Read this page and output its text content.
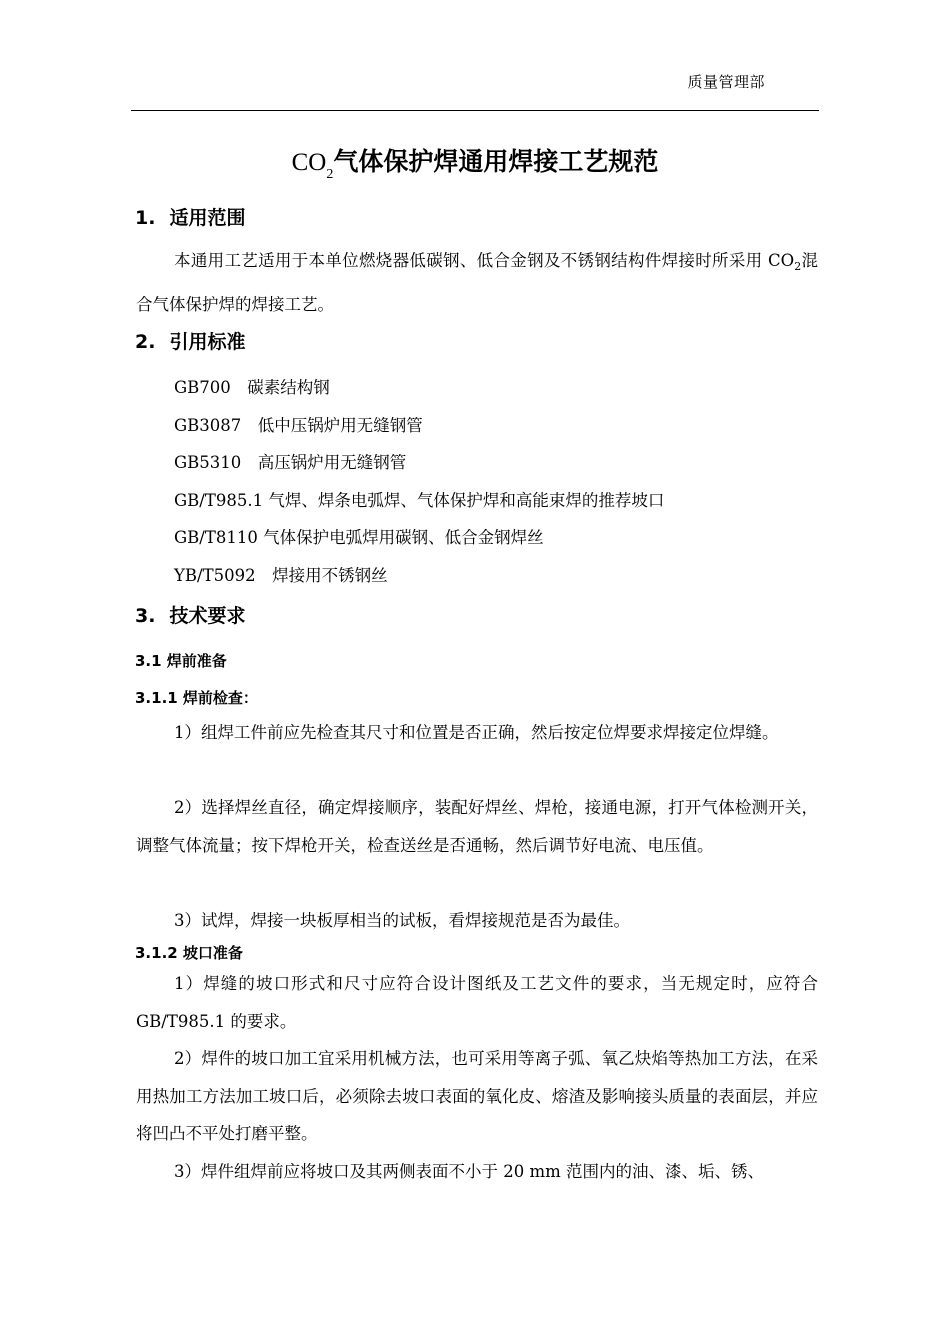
质量管理部
$CO_2$气体保护焊通用焊接工艺规范
1. 适用范围
本通用工艺适用于本单位燃烧器低碳钢、低合金钢及不锈钢结构件焊接时所采用 $CO_2$混合气体保护焊的焊接工艺。
2. 引用标准
GB700　碳素结构钢
GB3087　低中压锅炉用无缝钢管
GB5310　高压锅炉用无缝钢管
GB/T985.1 气焊、焊条电弧焊、气体保护焊和高能束焊的推荐坡口
GB/T8110 气体保护电弧焊用碳钢、低合金钢焊丝
YB/T5092　焊接用不锈钢丝
3. 技术要求
3.1 焊前准备
3.1.1 焊前检查：
1）组焊工件前应先检查其尺寸和位置是否正确，然后按定位焊要求焊接定位焊缝。
2）选择焊丝直径，确定焊接顺序，装配好焊丝、焊枪，接通电源，打开气体检测开关，调整气体流量；按下焊枪开关，检查送丝是否通畅，然后调节好电流、电压值。
3）试焊，焊接一块板厚相当的试板，看焊接规范是否为最佳。
3.1.2 坡口准备
1）焊缝的坡口形式和尺寸应符合设计图纸及工艺文件的要求，当无规定时，应符合 GB/T985.1 的要求。
2）焊件的坡口加工宜采用机械方法，也可采用等离子弧、氧乙炔焰等热加工方法，在采用热加工方法加工坡口后，必须除去坡口表面的氧化皮、熔渣及影响接头质量的表面层，并应将凹凸不平处打磨平整。
3）焊件组焊前应将坡口及其两侧表面不小于 20 mm 范围内的油、漆、垢、锈、
